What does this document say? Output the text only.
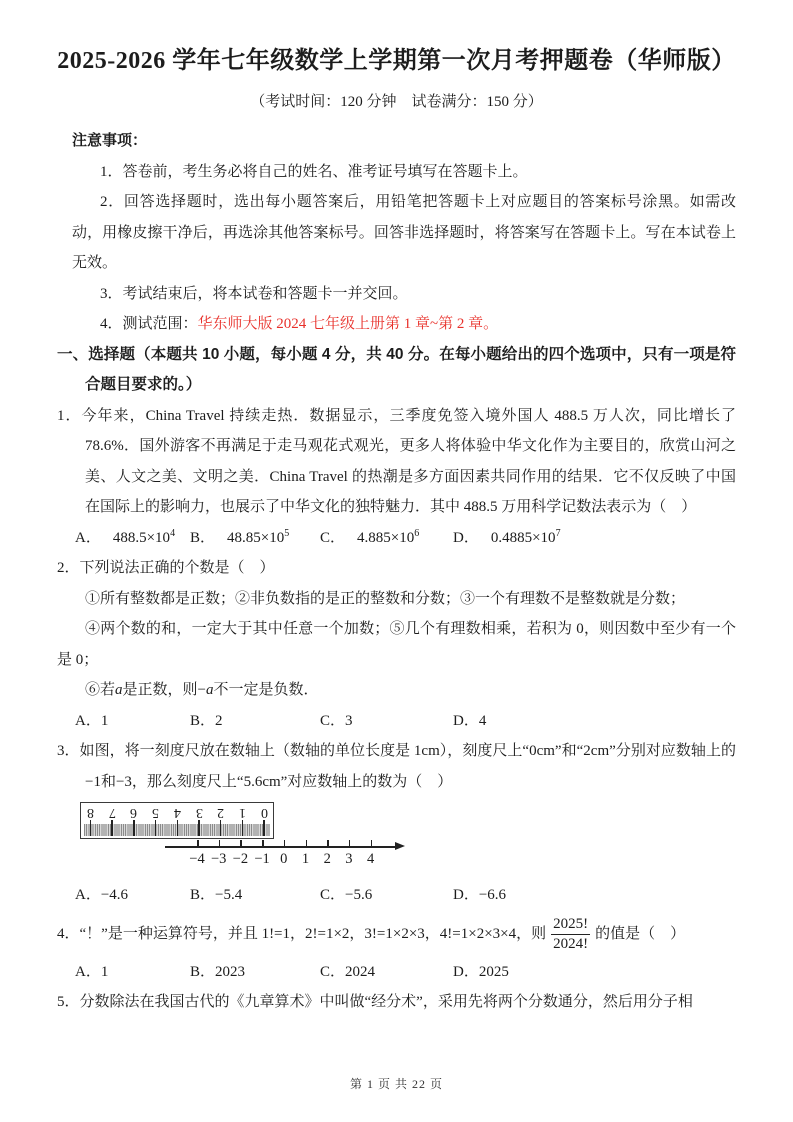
2025-2026 学年七年级数学上学期第一次月考押题卷（华师版）

（考试时间：120 分钟　试卷满分：150 分）

注意事项：

1．答卷前，考生务必将自己的姓名、准考证号填写在答题卡上。

2．回答选择题时，选出每小题答案后，用铅笔把答题卡上对应题目的答案标号涂黑。如需改动，用橡皮擦干净后，再选涂其他答案标号。回答非选择题时，将答案写在答题卡上。写在本试卷上无效。

3．考试结束后，将本试卷和答题卡一并交回。

4．测试范围：华东师大版 2024 七年级上册第 1 章~第 2 章。

一、选择题（本题共 10 小题，每小题 4 分，共 40 分。在每小题给出的四个选项中，只有一项是符合题目要求的。）

1．今年来，China Travel 持续走热．数据显示，三季度免签入境外国人 488.5 万人次，同比增长了 78.6%．国外游客不再满足于走马观花式观光，更多人将体验中华文化作为主要目的，欣赏山河之美、人文之美、文明之美．China Travel 的热潮是多方面因素共同作用的结果．它不仅反映了中国在国际上的影响力，也展示了中华文化的独特魅力．其中 488.5 万用科学记数法表示为（　）

A． $488.5\times 10^4$ B． $48.85\times 10^5$	C． $4.885\times 10^6$	D． $0.4885\times 10^7$

2．下列说法正确的个数是（　）

①所有整数都是正数；②非负数指的是正的整数和分数；③一个有理数不是整数就是分数；

④两个数的和，一定大于其中任意一个加数；⑤几个有理数相乘，若积为 0，则因数中至少有一个是 0；

⑥若a是正数，则−a不一定是负数．

A．1	B．2	C．3	D．4

3．如图，将一刻度尺放在数轴上（数轴的单位长度是 1cm），刻度尺上“0cm”和“2cm”分别对应数轴上的−1和−3，那么刻度尺上“5.6cm”对应数轴上的数为（　）

8	7	6	5	4	3	2	1	0
−4 −3 −2 −1 0 1 2 3 4
A．−4.6	B．−5.4	C．−5.6	D．−6.6

4．“！”是一种运算符号，并且 1!=1，2!=1×2，3!=1×2×3，4!=1×2×3×4，则 $\frac{2025!}{2024!}$ 的值是（　）

A．1	B．2023	C．2024	D．2025

5．分数除法在我国古代的《九章算术》中叫做“经分术”，采用先将两个分数通分，然后用分子相

第 1 页 共 22 页
